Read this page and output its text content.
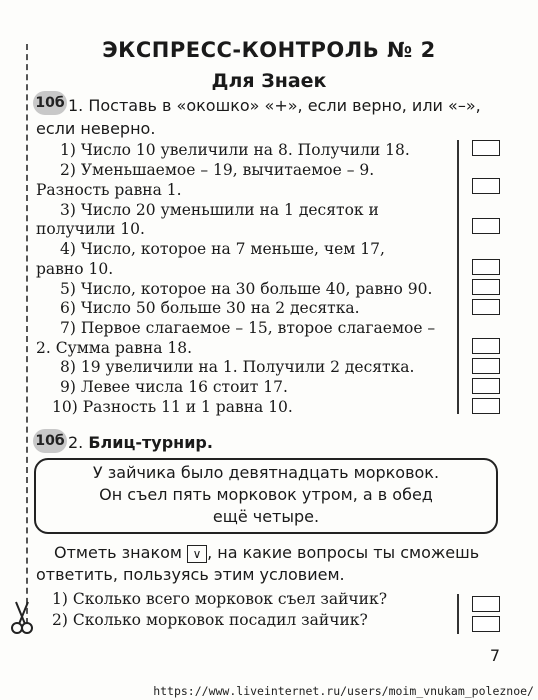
ЭКСПРЕСС-КОНТРОЛЬ № 2
Для Знаек
10б 1. Поставь в «окошко» «+», если верно, или «–»,
если неверно.
1) Число 10 увеличили на 8. Получили 18.
2) Уменьшаемое – 19, вычитаемое – 9.
Разность равна 1.
3) Число 20 уменьшили на 1 десяток и
получили 10.
4) Число, которое на 7 меньше, чем 17,
равно 10.
5) Число, которое на 30 больше 40, равно 90.
6) Число 50 больше 30 на 2 десятка.
7) Первое слагаемое – 15, второе слагаемое –
2. Сумма равна 18.
8) 19 увеличили на 1. Получили 2 десятка.
9) Левее числа 16 стоит 17.
10) Разность 11 и 1 равна 10.
10б 2. Блиц-турнир.
У зайчика было девятнадцать морковок.
Он съел пять морковок утром, а в обед
ещё четыре.
Отметь знаком ∨ , на какие вопросы ты сможешь
ответить, пользуясь этим условием.
1) Сколько всего морковок съел зайчик?
2) Сколько морковок посадил зайчик?
7
https://www.liveinternet.ru/users/moim_vnukam_poleznoe/
